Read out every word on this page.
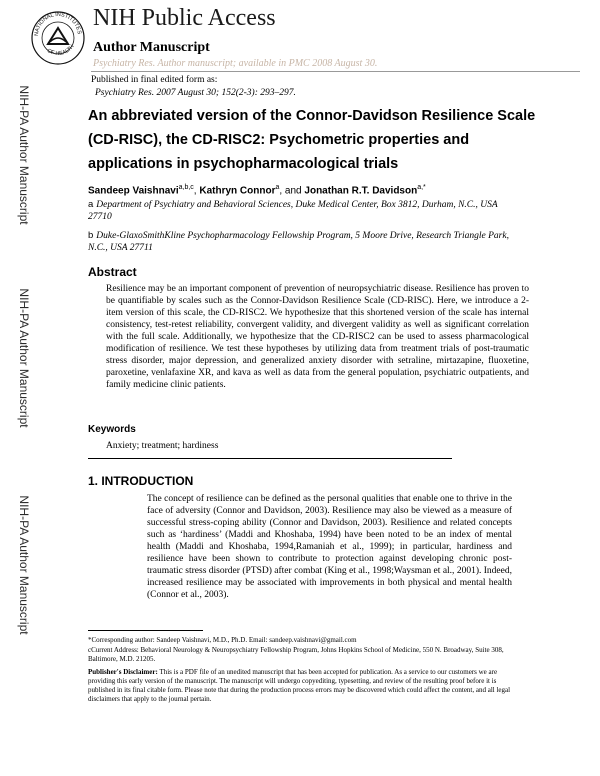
NATIONAL INSTITUTES
OF HEALTH
NIH Public Access
Author Manuscript
Psychiatry Res. Author manuscript; available in PMC 2008 August 30.
Published in final edited form as:
Psychiatry Res. 2007 August 30; 152(2-3): 293–297.
NIH-PA Author Manuscript
NIH-PA Author Manuscript
NIH-PA Author Manuscript
An abbreviated version of the Connor-Davidson Resilience Scale (CD-RISC), the CD-RISC2: Psychometric properties and applications in psychopharmacological trials
Sandeep Vaishnavi$^{a,b,c}$, Kathryn Connor$^a$, and Jonathan R.T. Davidson$^{a,*}$
a Department of Psychiatry and Behavioral Sciences, Duke Medical Center, Box 3812, Durham, N.C., USA 27710
b Duke-GlaxoSmithKline Psychopharmacology Fellowship Program, 5 Moore Drive, Research Triangle Park, N.C., USA 27711
Abstract
Resilience may be an important component of prevention of neuropsychiatric disease. Resilience has proven to be quantifiable by scales such as the Connor-Davidson Resilience Scale (CD-RISC). Here, we introduce a 2-item version of this scale, the CD-RISC2. We hypothesize that this shortened version of the scale has internal consistency, test-retest reliability, convergent validity, and divergent validity as well as significant correlation with the full scale. Additionally, we hypothesize that the CD-RISC2 can be used to assess pharmacological modification of resilience. We test these hypotheses by utilizing data from treatment trials of post-traumatic stress disorder, major depression, and generalized anxiety disorder with setraline, mirtazapine, fluoxetine, paroxetine, venlafaxine XR, and kava as well as data from the general population, psychiatric outpatients, and family medicine clinic patients.
Keywords
Anxiety; treatment; hardiness
1. INTRODUCTION
The concept of resilience can be defined as the personal qualities that enable one to thrive in the face of adversity (Connor and Davidson, 2003). Resilience may also be viewed as a measure of successful stress-coping ability (Connor and Davidson, 2003). Resilience and related concepts such as ‘hardiness’ (Maddi and Khoshaba, 1994) have been noted to be an index of mental health (Maddi and Khoshaba, 1994,Ramaniah et al., 1999); in particular, hardiness and resilience have been shown to contribute to protection against developing chronic post-traumatic stress disorder (PTSD) after combat (King et al., 1998;Waysman et al., 2001). Indeed, increased resilience may be associated with improvements in both physical and mental health (Connor et al., 2003).
*Corresponding author: Sandeep Vaishnavi, M.D., Ph.D. Email: sandeep.vaishnavi@gmail.com
cCurrent Address: Behavioral Neurology & Neuropsychiatry Fellowship Program, Johns Hopkins School of Medicine, 550 N. Broadway, Suite 308, Baltimore, M.D. 21205.
Publisher's Disclaimer: This is a PDF file of an unedited manuscript that has been accepted for publication. As a service to our customers we are providing this early version of the manuscript. The manuscript will undergo copyediting, typesetting, and review of the resulting proof before it is published in its final citable form. Please note that during the production process errors may be discovered which could affect the content, and all legal disclaimers that apply to the journal pertain.
